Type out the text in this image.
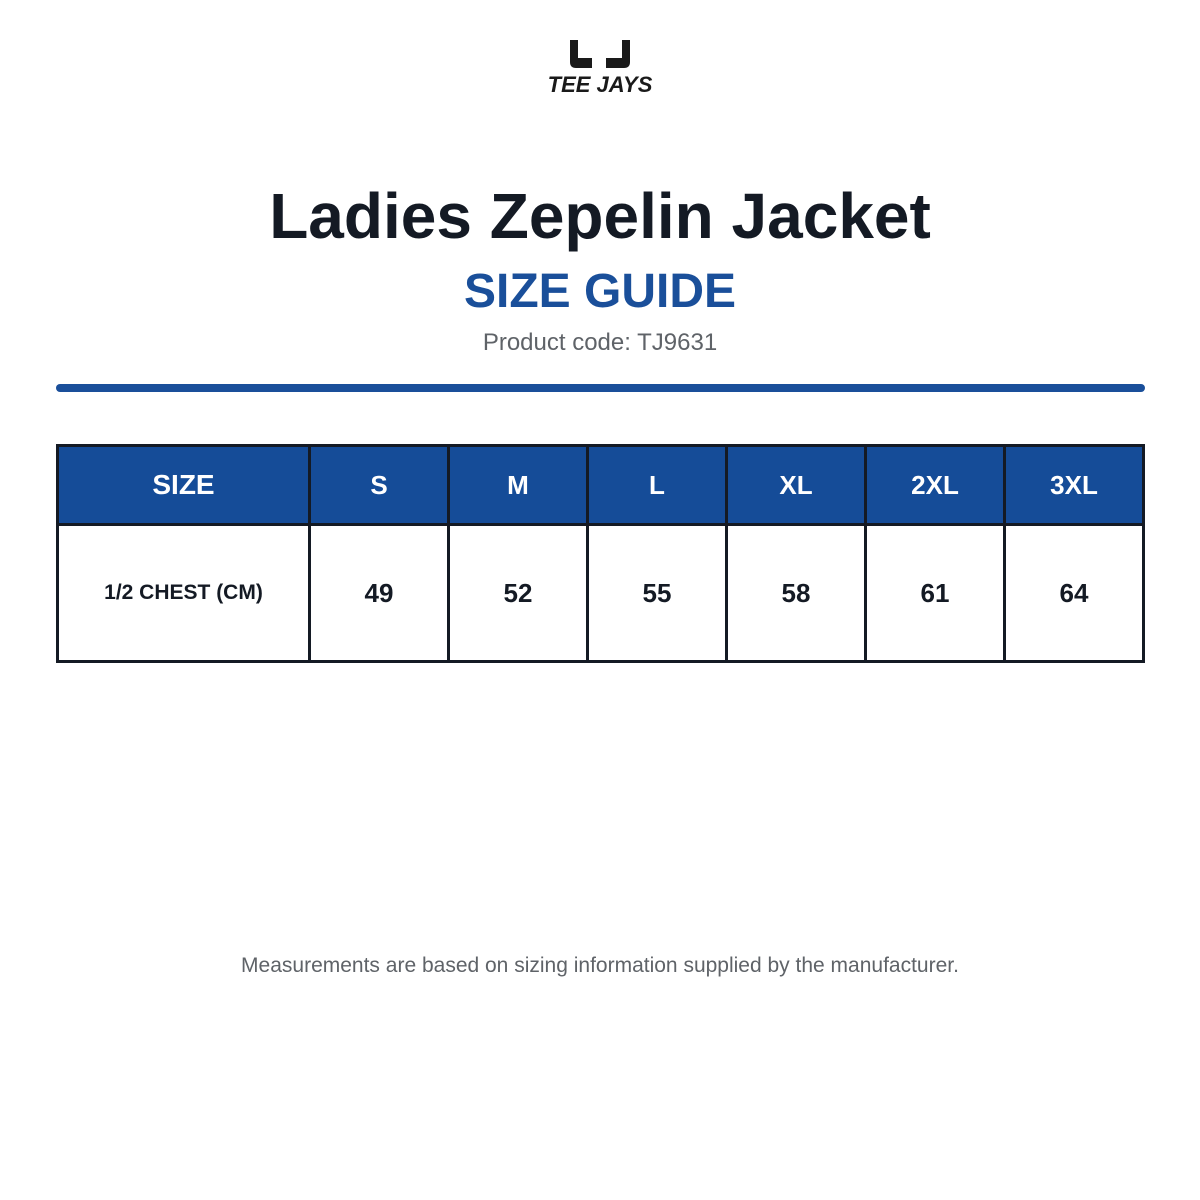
TEE JAYS
Ladies Zepelin Jacket
SIZE GUIDE
Product code: TJ9631
SIZE	S	M	L	XL	2XL	3XL
1/2 CHEST (CM)	49	52	55	58	61	64
Measurements are based on sizing information supplied by the manufacturer.
